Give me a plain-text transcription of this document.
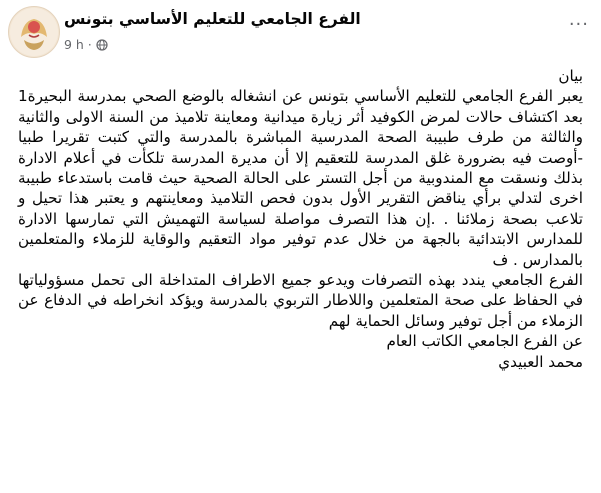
الفرع الجامعي للتعليم الأساسي بتونس
9 h ·
···

بيان

يعبر الفرع الجامعي للتعليم الأساسي بتونس عن انشغاله بالوضع الصحي بمدرسة البحيرة1 بعد اكتشاف حالات لمرض الكوفيد أثر زيارة ميدانية ومعاينة تلاميذ من السنة الاولى والثانية والثالثة من طرف طبيبة الصحة المدرسية المباشرة بالمدرسة والتي كتبت تقريرا طبيا -أوصت فيه بضرورة غلق المدرسة للتعقيم إلا أن مديرة المدرسة تلكأت في أعلام الادارة بذلك ونسقت مع المندوبية من أجل التستر على الحالة الصحية حيث قامت باستدعاء طبيبة اخرى لتدلي برأي يناقض التقرير الأول بدون فحص التلاميذ ومعاينتهم و يعتبر هذا تحيل و تلاعب بصحة زملائنا . .إن هذا التصرف مواصلة لسياسة التهميش التي تمارسها الادارة للمدارس الابتدائية بالجهة من خلال عدم توفير مواد التعقيم والوقاية للزملاء والمتعلمين بالمدارس . ف

الفرع الجامعي يندد بهذه التصرفات ويدعو جميع الاطراف المتداخلة الى تحمل مسؤولياتها في الحفاظ على صحة المتعلمين واللاطار التربوي بالمدرسة ويؤكد انخراطه في الدفاع عن الزملاء من أجل توفير وسائل الحماية لهم

عن الفرع الجامعي الكاتب العام

محمد العبيدي
